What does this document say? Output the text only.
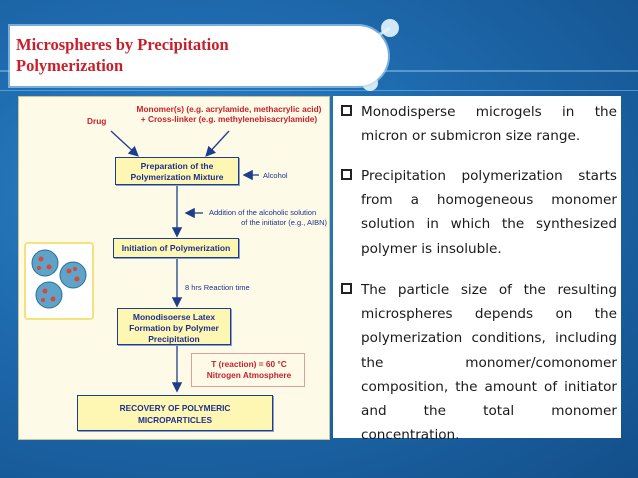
Microspheres by Precipitation
Polymerization
Drug
Monomer(s) (e.g. acrylamide, methacrylic acid)
+ Cross-linker (e.g. methylenebisacrylamide)
Preparation of the
Polymerization Mixture	Alcohol
Addition of the alcoholic solution
of the initiator (e.g., AIBN)
Initiation of Polymerization
8 hrs Reaction time
Monodisoerse Latex
Formation by Polymer
Precipitation
T (reaction) = 60 °C
Nitrogen Atmosphere
RECOVERY OF POLYMERIC
MICROPARTICLES
Monodisperse microgels in the micron or submicron size range.
Precipitation polymerization starts from a homogeneous monomer solution in which the synthesized polymer is insoluble.
The particle size of the resulting microspheres depends on the polymerization conditions, including the monomer/comonomer composition, the amount of initiator and the total monomer concentration.
